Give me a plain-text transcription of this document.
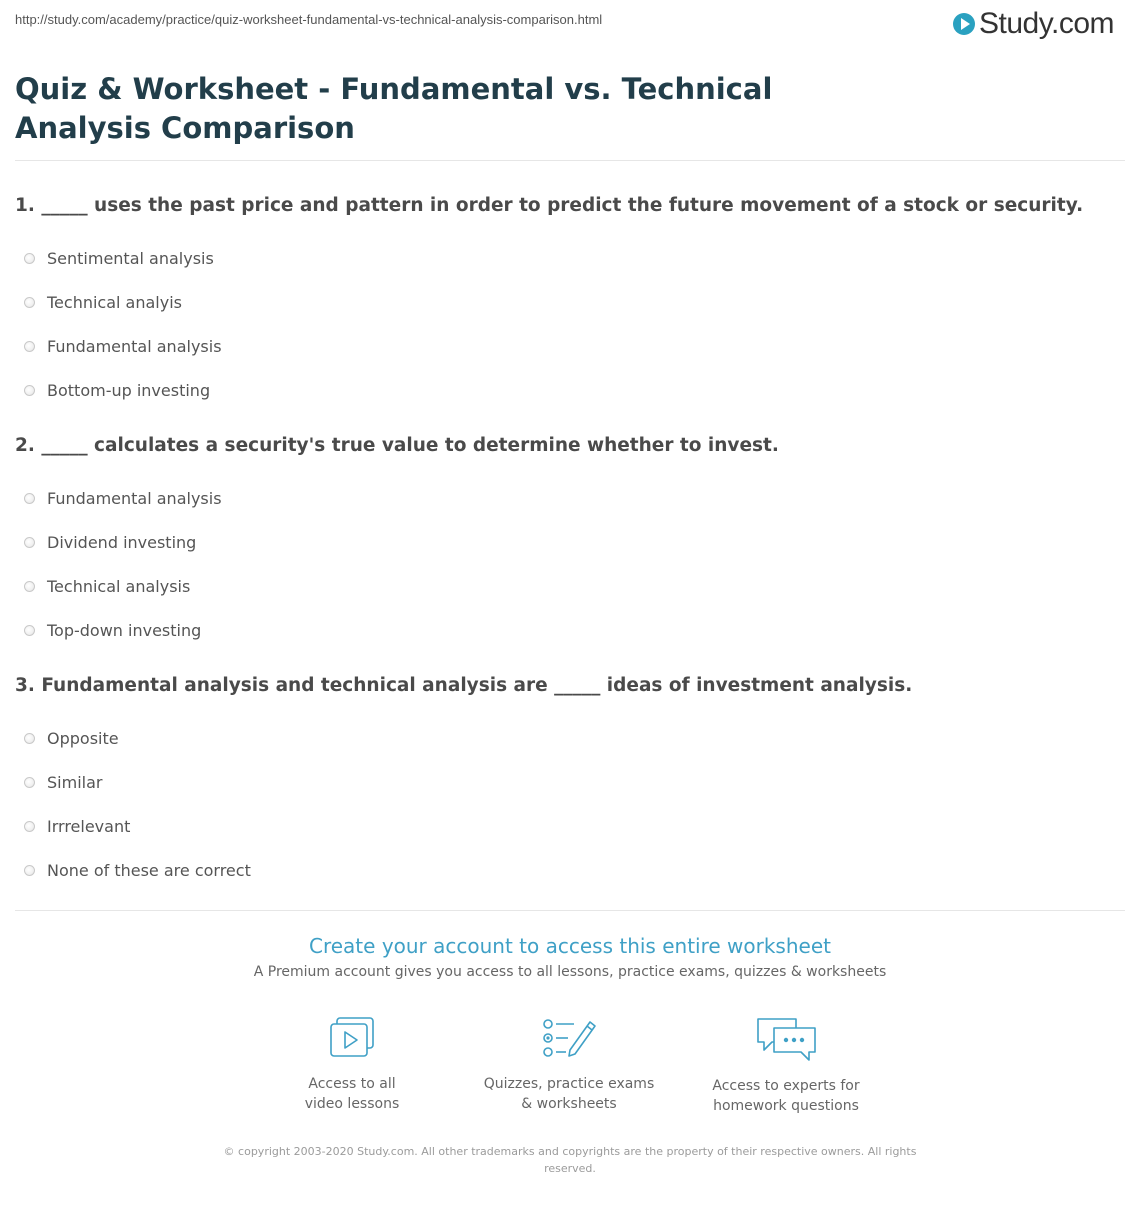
http://study.com/academy/practice/quiz-worksheet-fundamental-vs-technical-analysis-comparison.html	Study.com
Quiz & Worksheet - Fundamental vs. Technical Analysis Comparison
1. _____ uses the past price and pattern in order to predict the future movement of a stock or security.
Sentimental analysis
Technical analyis
Fundamental analysis
Bottom-up investing
2. _____ calculates a security's true value to determine whether to invest.
Fundamental analysis
Dividend investing
Technical analysis
Top-down investing
3. Fundamental analysis and technical analysis are _____ ideas of investment analysis.
Opposite
Similar
Irrrelevant
None of these are correct
Create your account to access this entire worksheet
A Premium account gives you access to all lessons, practice exams, quizzes & worksheets
Access to all
video lessons
Quizzes, practice exams
& worksheets
Access to experts for
homework questions
© copyright 2003-2020 Study.com. All other trademarks and copyrights are the property of their respective owners. All rights reserved.
